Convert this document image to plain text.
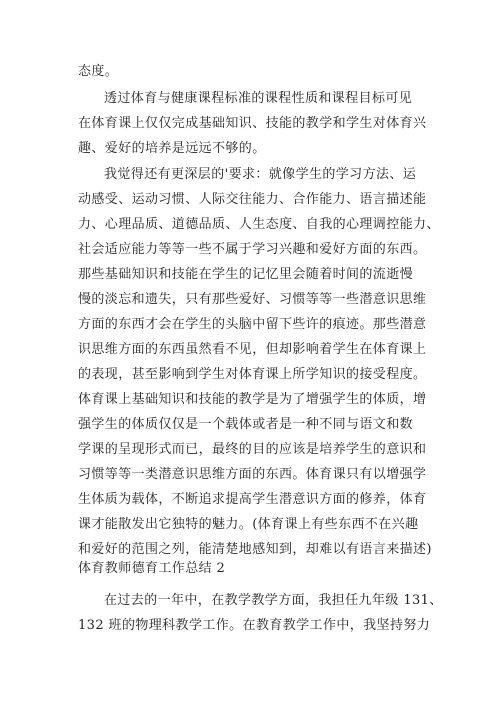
态度。
透过体育与健康课程标准的课程性质和课程目标可见
在体育课上仅仅完成基础知识、技能的教学和学生对体育兴
趣、爱好的培养是远远不够的。
我觉得还有更深层的'要求：就像学生的学习方法、运
动感受、运动习惯、人际交往能力、合作能力、语言描述能
力、心理品质、道德品质、人生态度、自我的心理调控能力、
社会适应能力等等一些不属于学习兴趣和爱好方面的东西。
那些基础知识和技能在学生的记忆里会随着时间的流逝慢
慢的淡忘和遗失，只有那些爱好、习惯等等一些潜意识思维
方面的东西才会在学生的头脑中留下些许的痕迹。那些潜意
识思维方面的东西虽然看不见，但却影响着学生在体育课上
的表现，甚至影响到学生对体育课上所学知识的接受程度。
体育课上基础知识和技能的教学是为了增强学生的体质，增
强学生的体质仅仅是一个载体或者是一种不同与语文和数
学课的呈现形式而已，最终的目的应该是培养学生的意识和
习惯等等一类潜意识思维方面的东西。体育课只有以增强学
生体质为载体，不断追求提高学生潜意识方面的修养，体育
课才能散发出它独特的魅力。(体育课上有些东西不在兴趣
和爱好的范围之列，能清楚地感知到，却难以有语言来描述)
体育教师德育工作总结 2
在过去的一年中，在教学教学方面，我担任九年级 131、
132 班的物理科教学工作。在教育教学工作中，我坚持努力
